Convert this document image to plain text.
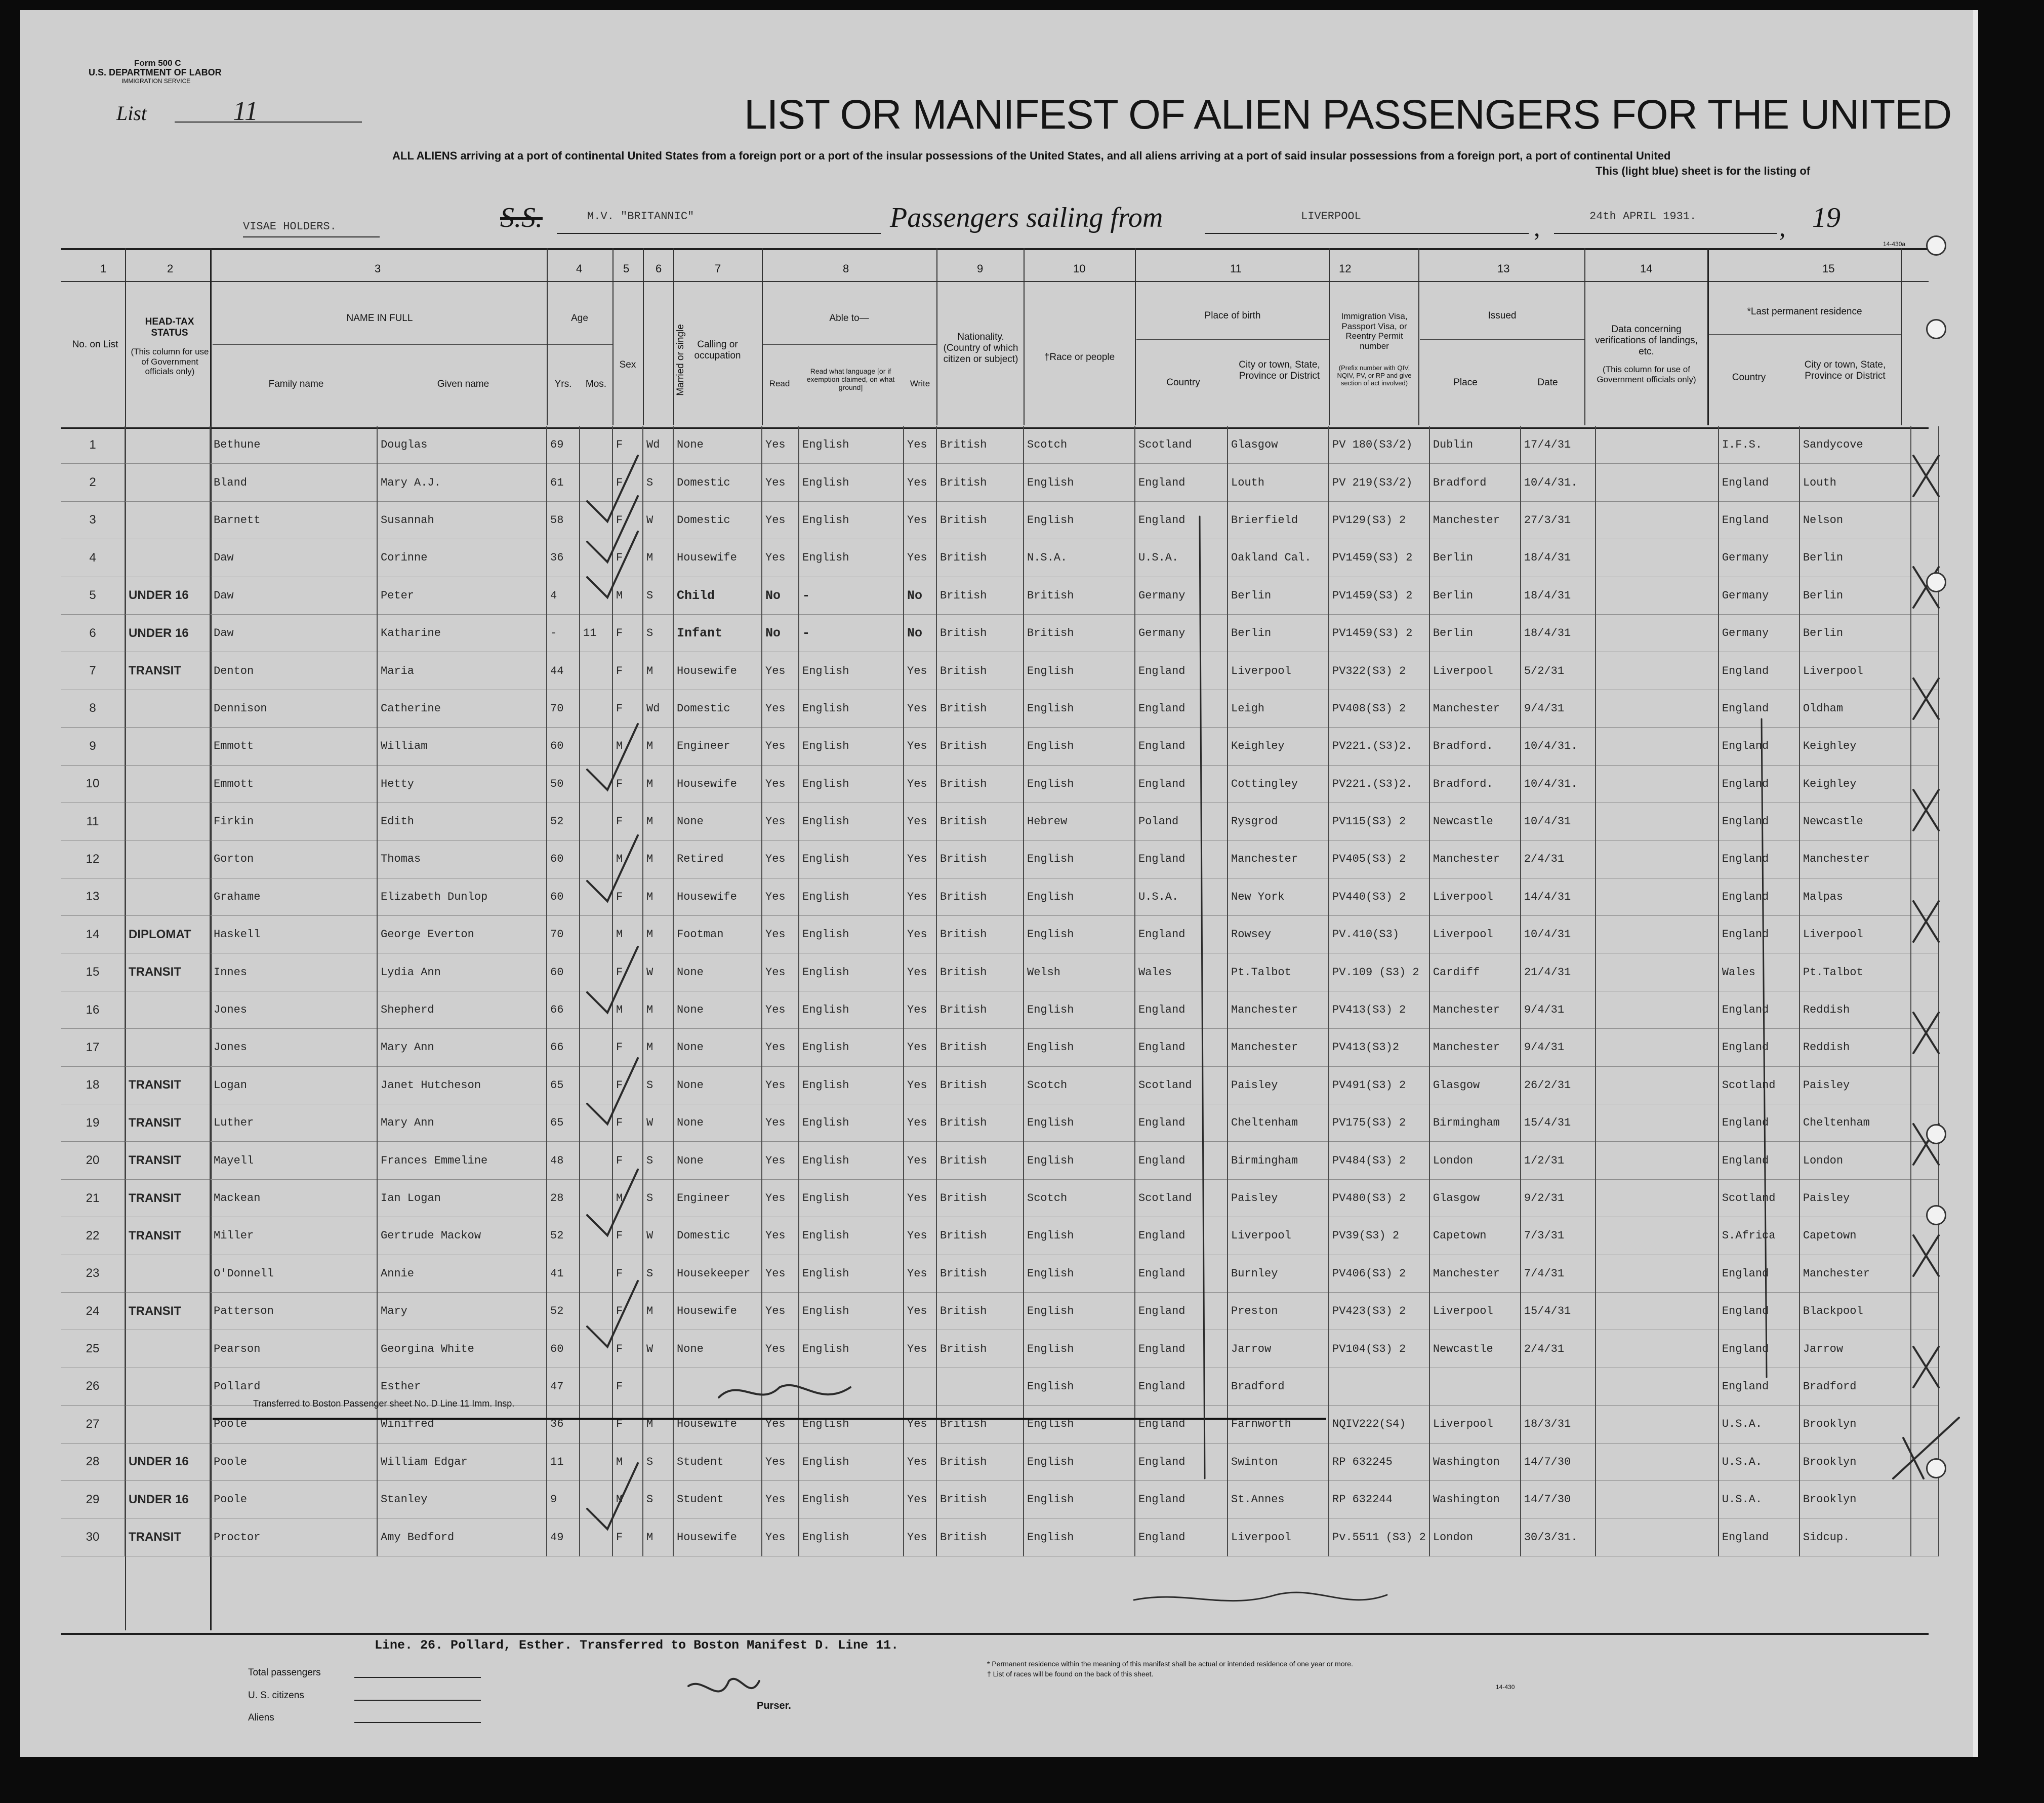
Form 500 C
U.S. DEPARTMENT OF LABOR
IMMIGRATION SERVICE
List	11	LIST OR MANIFEST OF ALIEN PASSENGERS FOR THE UNITED
ALL ALIENS arriving at a port of continental United States from a foreign port or a port of the insular possessions of the United States, and all aliens arriving at a port of said insular possessions from a foreign port, a port of continental United
This (light blue) sheet is for the listing of
VISAE HOLDERS.	S.S.	M.V. "BRITANNIC"	Passengers sailing from	LIVERPOOL	,	24th APRIL 1931.	, 19
14-430a
1	2	3	4	5 6	7	8	9	10	11	12	13	14	15
No. on List
HEAD-TAX STATUS
(This column for use of Government officials only)
NAME IN FULL
Family name	Given name
Age
Yrs.	Mos.
Sex	Married or single	Calling or occupation
Able to—
Read
Read what language [or if exemption claimed, on what ground]	Write
Nationality. (Country of which citizen or subject)	†Race or people
Place of birth
Country
City or town, State, Province or District
Immigration Visa, Passport Visa, or Reentry Permit number
(Prefix number with QIV, NQIV, PV, or RP and give section of act involved)
Issued
Place	Date
Data concerning verifications of landings, etc.
(This column for use of Government officials only)
*Last permanent residence
Country
City or town, State, Province or District
1		Bethune	Douglas	69		F	Wd	None	Yes	English	Yes	British	Scotch	Scotland	Glasgow	PV 180(S3/2)	Dublin	17/4/31		I.F.S.	Sandycove	
2		Bland	Mary A.J.	61		F	S	Domestic	Yes	English	Yes	British	English	England	Louth	PV 219(S3/2)	Bradford	10/4/31.		England	Louth	
3		Barnett	Susannah	58		F	W	Domestic	Yes	English	Yes	British	English	England	Brierfield	PV129(S3) 2	Manchester	27/3/31		England	Nelson	
4		Daw	Corinne	36		F	M	Housewife	Yes	English	Yes	British	N.S.A.	U.S.A.	Oakland Cal.	PV1459(S3) 2	Berlin	18/4/31		Germany	Berlin	
5	UNDER 16	Daw	Peter	4		M	S	Child	No	-	No	British	British	Germany	Berlin	PV1459(S3) 2	Berlin	18/4/31		Germany	Berlin	
6	UNDER 16	Daw	Katharine	-	11	F	S	Infant	No	-	No	British	British	Germany	Berlin	PV1459(S3) 2	Berlin	18/4/31		Germany	Berlin	
7	TRANSIT	Denton	Maria	44		F	M	Housewife	Yes	English	Yes	British	English	England	Liverpool	PV322(S3) 2	Liverpool	5/2/31		England	Liverpool	
8		Dennison	Catherine	70		F	Wd	Domestic	Yes	English	Yes	British	English	England	Leigh	PV408(S3) 2	Manchester	9/4/31		England	Oldham	
9		Emmott	William	60		M	M	Engineer	Yes	English	Yes	British	English	England	Keighley	PV221.(S3)2.	Bradford.	10/4/31.		England	Keighley	
10		Emmott	Hetty	50		F	M	Housewife	Yes	English	Yes	British	English	England	Cottingley	PV221.(S3)2.	Bradford.	10/4/31.		England	Keighley	
11		Firkin	Edith	52		F	M	None	Yes	English	Yes	British	Hebrew	Poland	Rysgrod	PV115(S3) 2	Newcastle	10/4/31		England	Newcastle	
12		Gorton	Thomas	60		M	M	Retired	Yes	English	Yes	British	English	England	Manchester	PV405(S3) 2	Manchester	2/4/31		England	Manchester	
13		Grahame	Elizabeth Dunlop	60		F	M	Housewife	Yes	English	Yes	British	English	U.S.A.	New York	PV440(S3) 2	Liverpool	14/4/31		England	Malpas	
14	DIPLOMAT	Haskell	George Everton	70		M	M	Footman	Yes	English	Yes	British	English	England	Rowsey	PV.410(S3)	Liverpool	10/4/31		England	Liverpool	
15	TRANSIT	Innes	Lydia Ann	60		F	W	None	Yes	English	Yes	British	Welsh	Wales	Pt.Talbot	PV.109 (S3) 2	Cardiff	21/4/31		Wales	Pt.Talbot	
16		Jones	Shepherd	66		M	M	None	Yes	English	Yes	British	English	England	Manchester	PV413(S3) 2	Manchester	9/4/31		England	Reddish	
17		Jones	Mary Ann	66		F	M	None	Yes	English	Yes	British	English	England	Manchester	PV413(S3)2	Manchester	9/4/31		England	Reddish	
18	TRANSIT	Logan	Janet Hutcheson	65		F	S	None	Yes	English	Yes	British	Scotch	Scotland	Paisley	PV491(S3) 2	Glasgow	26/2/31		Scotland	Paisley	
19	TRANSIT	Luther	Mary Ann	65		F	W	None	Yes	English	Yes	British	English	England	Cheltenham	PV175(S3) 2	Birmingham	15/4/31		England	Cheltenham	
20	TRANSIT	Mayell	Frances Emmeline	48		F	S	None	Yes	English	Yes	British	English	England	Birmingham	PV484(S3) 2	London	1/2/31		England	London	
21	TRANSIT	Mackean	Ian Logan	28		M	S	Engineer	Yes	English	Yes	British	Scotch	Scotland	Paisley	PV480(S3) 2	Glasgow	9/2/31		Scotland	Paisley	
22	TRANSIT	Miller	Gertrude Mackow	52		F	W	Domestic	Yes	English	Yes	British	English	England	Liverpool	PV39(S3) 2	Capetown	7/3/31		S.Africa	Capetown	
23		O'Donnell	Annie	41		F	S	Housekeeper	Yes	English	Yes	British	English	England	Burnley	PV406(S3) 2	Manchester	7/4/31		England	Manchester	
24	TRANSIT	Patterson	Mary	52		F	M	Housewife	Yes	English	Yes	British	English	England	Preston	PV423(S3) 2	Liverpool	15/4/31		England	Blackpool	
25		Pearson	Georgina White	60		F	W	None	Yes	English	Yes	British	English	England	Jarrow	PV104(S3) 2	Newcastle	2/4/31		England	Jarrow	
26		Pollard	Esther	47		F							English	England	Bradford					England	Bradford	
27		Poole	Winifred	36		F	M	Housewife	Yes	English	Yes	British	English	England	Farnworth	NQIV222(S4)	Liverpool	18/3/31		U.S.A.	Brooklyn	
28	UNDER 16	Poole	William Edgar	11		M	S	Student	Yes	English	Yes	British	English	England	Swinton	RP 632245	Washington	14/7/30		U.S.A.	Brooklyn	
29	UNDER 16	Poole	Stanley	9		M	S	Student	Yes	English	Yes	British	English	England	St.Annes	RP 632244	Washington	14/7/30		U.S.A.	Brooklyn	
30	TRANSIT	Proctor	Amy Bedford	49		F	M	Housewife	Yes	English	Yes	British	English	England	Liverpool	Pv.5511 (S3) 2	London	30/3/31.		England	Sidcup.	
Transferred to Boston Passenger sheet No. D Line 11 Imm. Insp.
Line. 26. Pollard, Esther. Transferred to Boston Manifest D. Line 11.
Total passengers
U. S. citizens
Aliens
Purser.
* Permanent residence within the meaning of this manifest shall be actual or intended residence of one year or more.
† List of races will be found on the back of this sheet.
14-430
